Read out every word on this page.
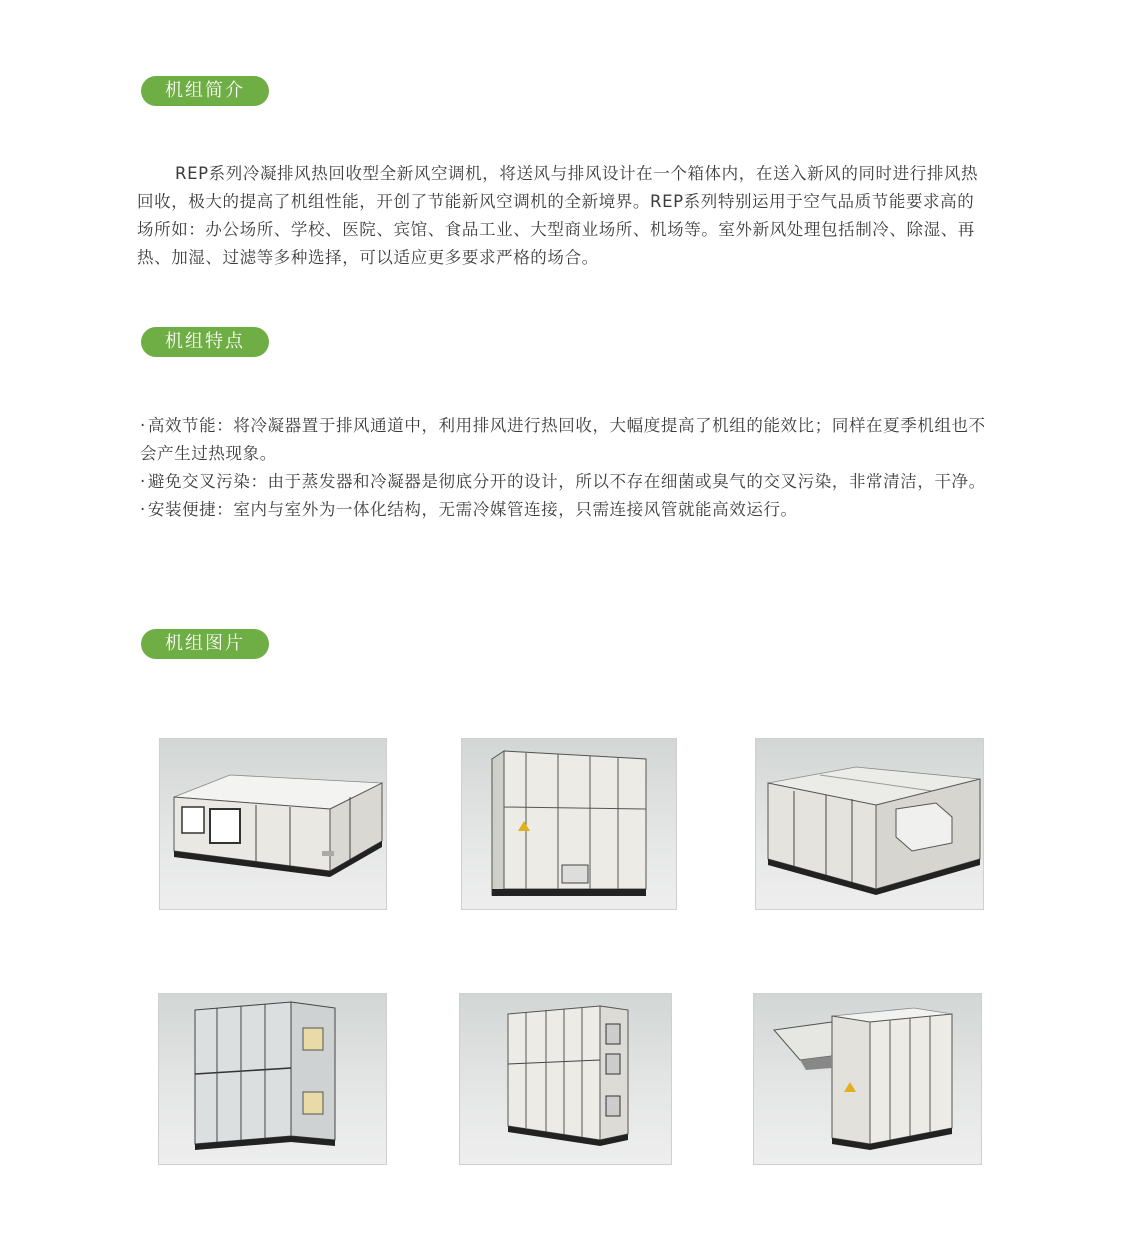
机组简介

REP系列冷凝排风热回收型全新风空调机，将送风与排风设计在一个箱体内，在送入新风的同时进行排风热回收，极大的提高了机组性能，开创了节能新风空调机的全新境界。REP系列特别运用于空气品质节能要求高的场所如：办公场所、学校、医院、宾馆、食品工业、大型商业场所、机场等。室外新风处理包括制冷、除湿、再热、加湿、过滤等多种选择，可以适应更多要求严格的场合。

机组特点
· 高效节能：将冷凝器置于排风通道中，利用排风进行热回收，大幅度提高了机组的能效比；同样在夏季机组也不会产生过热现象。
· 避免交叉污染：由于蒸发器和冷凝器是彻底分开的设计，所以不存在细菌或臭气的交叉污染，非常清洁，干净。
· 安装便捷：室内与室外为一体化结构，无需冷媒管连接，只需连接风管就能高效运行。
机组图片
